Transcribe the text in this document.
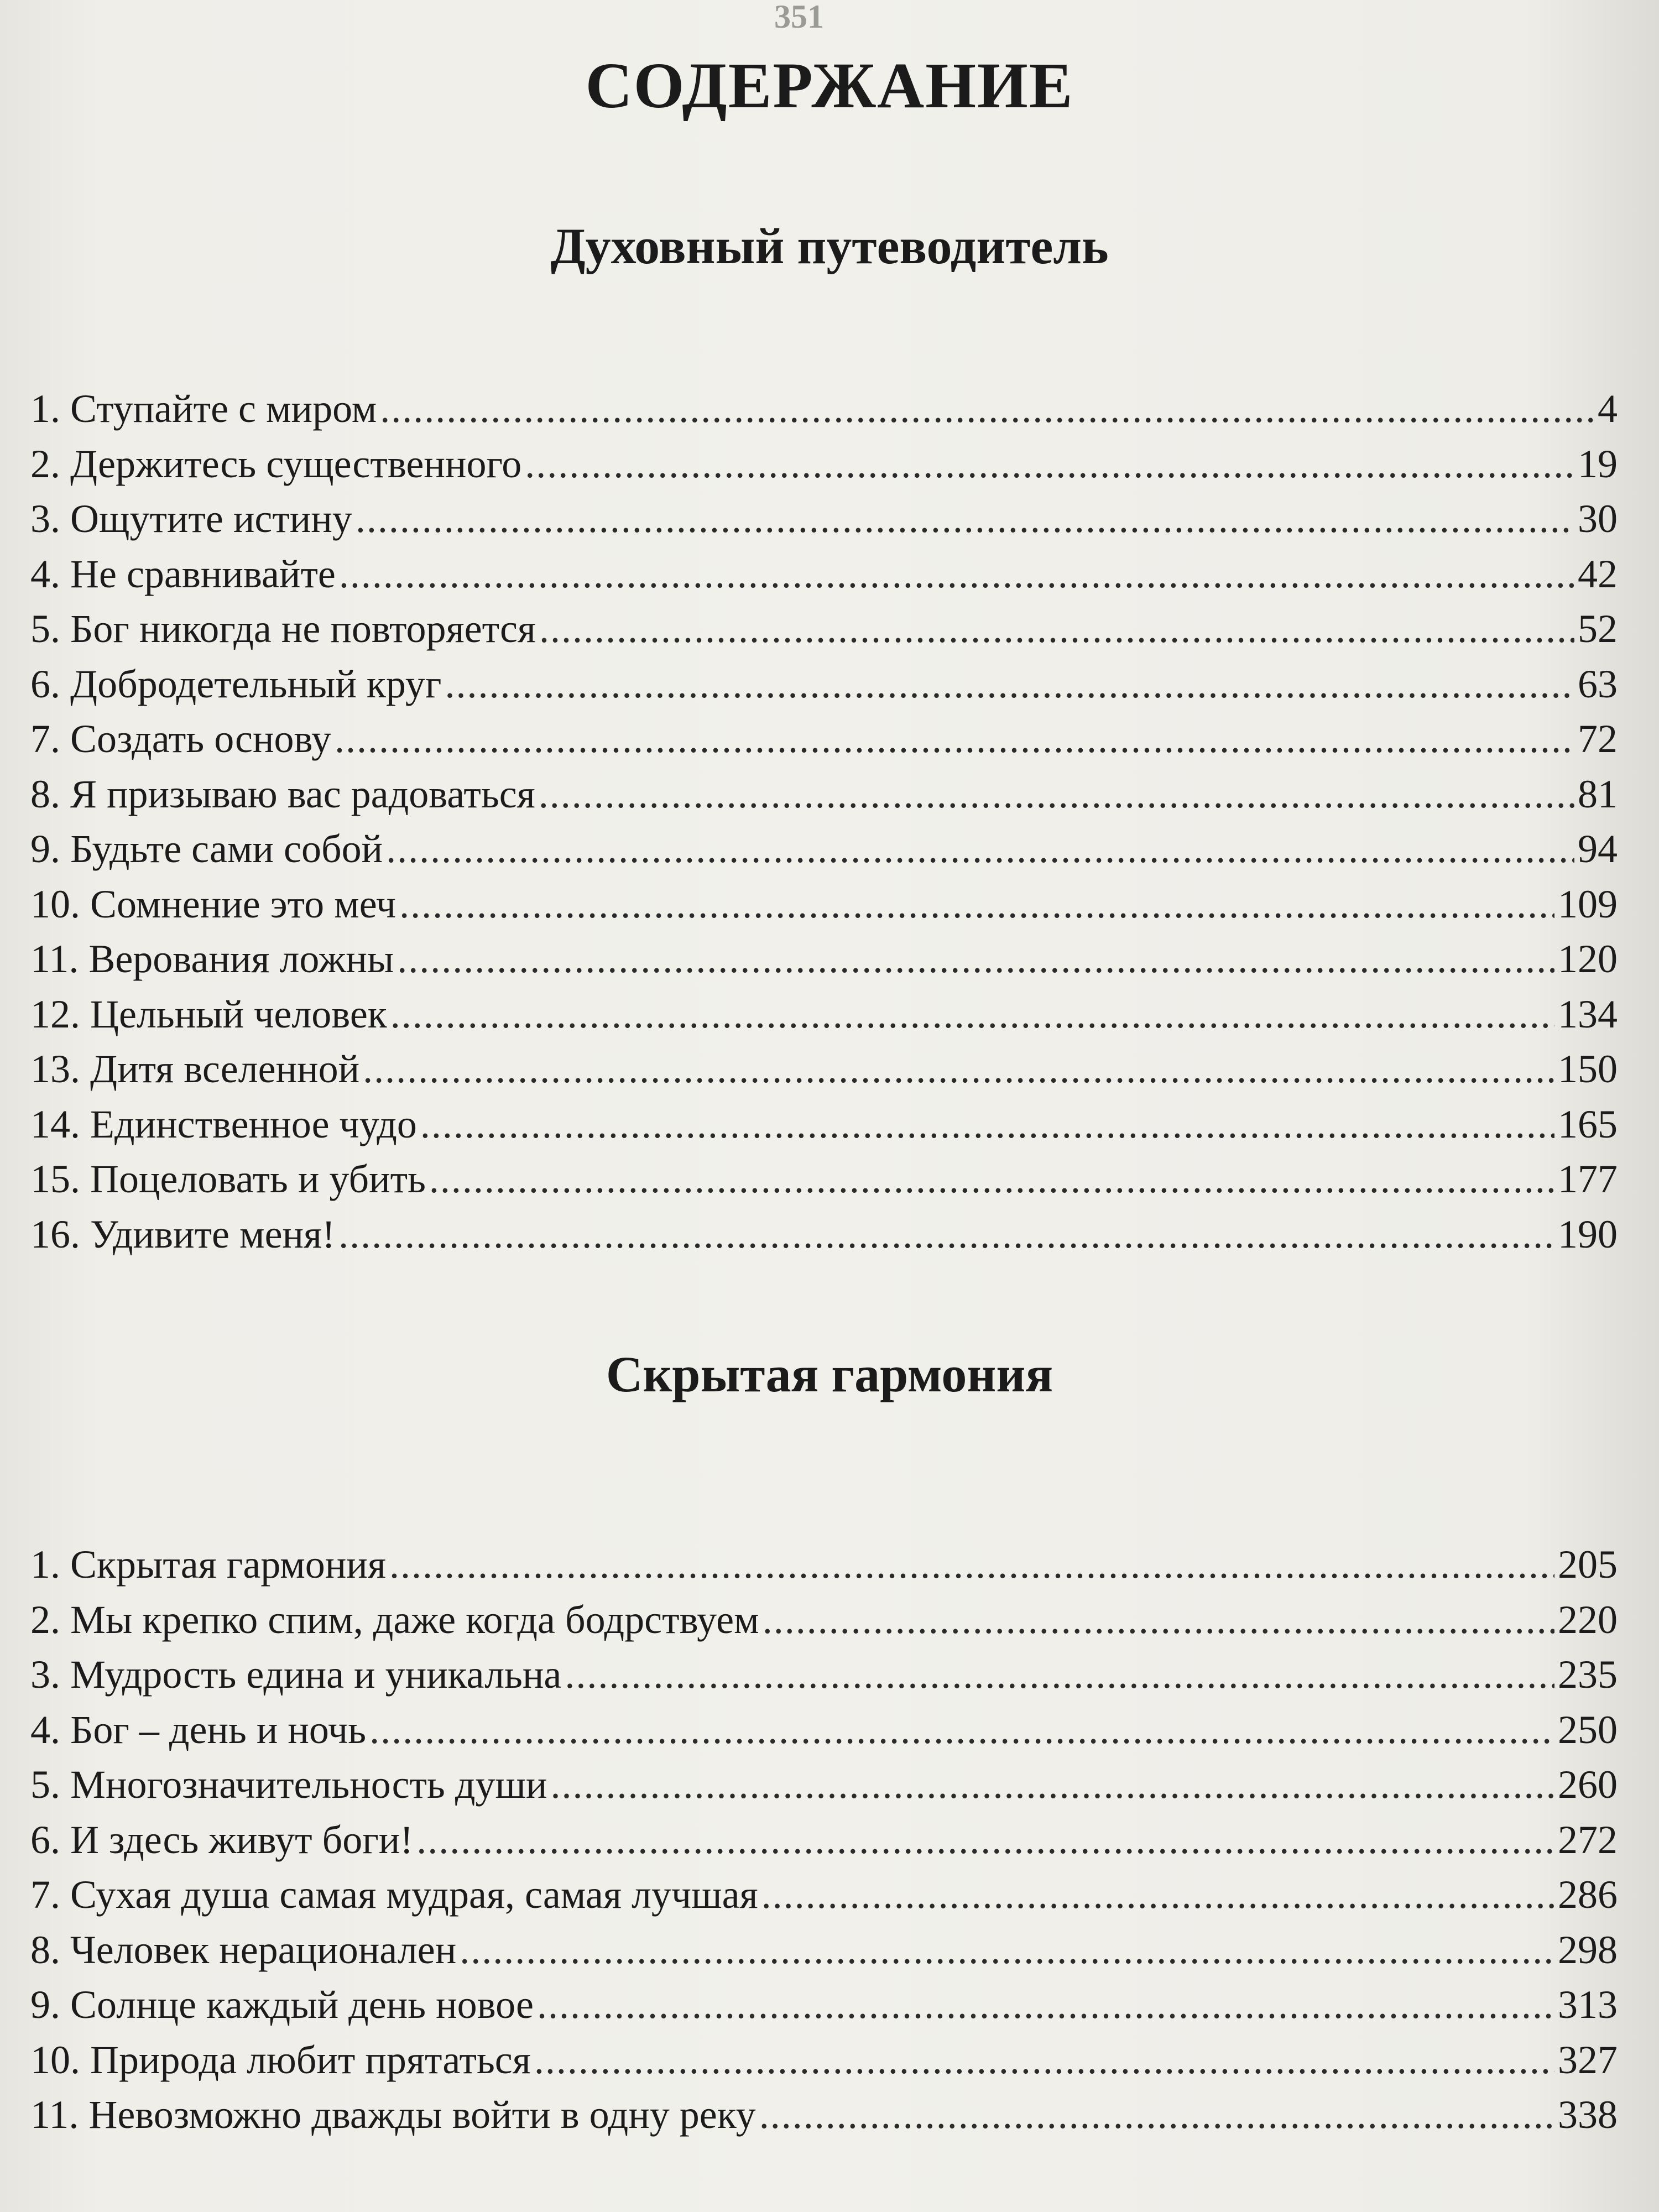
351
СОДЕРЖАНИЕ
Духовный путеводитель
1. Ступайте с миром .....	4
2. Держитесь существенного .....	19
3. Ощутите истину .....	30
4. Не сравнивайте .....	42
5. Бог никогда не повторяется .....	52
6. Добродетельный круг .....	63
7. Создать основу .....	72
8. Я призываю вас радоваться .....	81
9. Будьте сами собой .....	94
10. Сомнение это меч .....	109
11. Верования ложны .....	120
12. Цельный человек .....	134
13. Дитя вселенной .....	150
14. Единственное чудо .....	165
15. Поцеловать и убить .....	177
16. Удивите меня! .....	190
Скрытая гармония
1. Скрытая гармония .....	205
2. Мы крепко спим, даже когда бодрствуем .....	220
3. Мудрость едина и уникальна .....	235
4. Бог – день и ночь .....	250
5. Многозначительность души .....	260
6. И здесь живут боги! .....	272
7. Сухая душа самая мудрая, самая лучшая .....	286
8. Человек нерационален .....	298
9. Солнце каждый день новое .....	313
10. Природа любит прятаться .....	327
11. Невозможно дважды войти в одну реку .....	338
